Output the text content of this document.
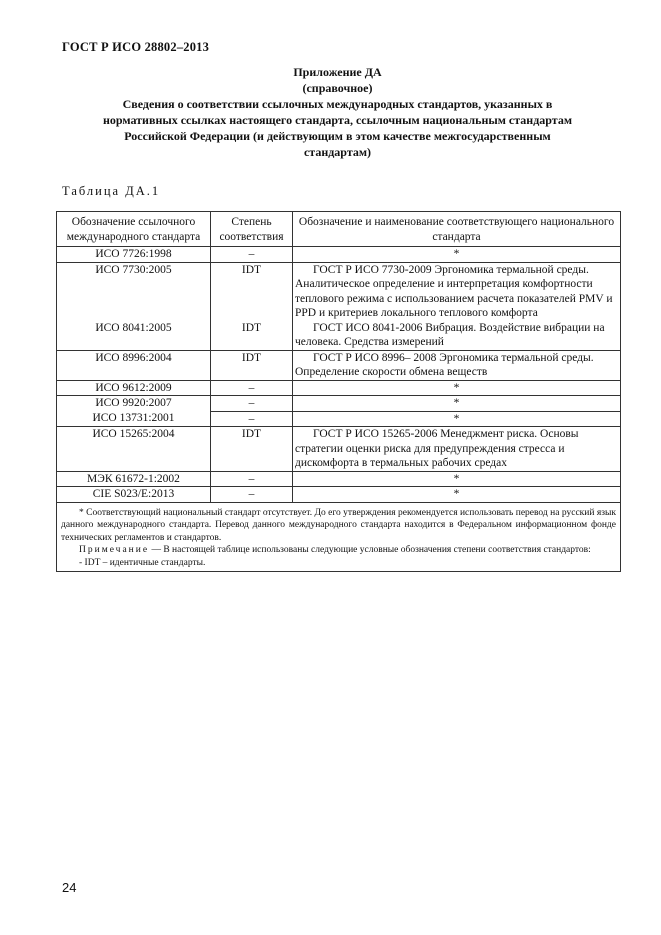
ГОСТ Р ИСО 28802–2013
Приложение ДА
(справочное)
Сведения о соответствии ссылочных международных стандартов, указанных в
нормативных ссылках настоящего стандарта, ссылочным национальным стандартам
Российской Федерации (и действующим в этом качестве межгосударственным
стандартам)
Таблица ДА.1
Обозначение ссылочного международного стандарта	Степень соответствия	Обозначение и наименование соответствующего национального стандарта
ИСО 7726:1998	–	*
ИСО 7730:2005	IDT	ГОСТ Р ИСО 7730-2009 Эргономика термальной среды. Аналитическое определение и интерпретация комфортности теплового режима с использованием расчета показателей PMV и PPD и критериев локального теплового комфорта
ИСО 8041:2005	IDT	ГОСТ ИСО 8041-2006 Вибрация. Воздействие вибрации на человека. Средства измерений
ИСО 8996:2004	IDT	ГОСТ Р ИСО 8996– 2008 Эргономика термальной среды. Определение скорости обмена веществ
ИСО 9612:2009	–	*
ИСО 9920:2007	–	*
ИСО 13731:2001	–	*
ИСО 15265:2004	IDT	ГОСТ Р ИСО 15265-2006 Менеджмент риска. Основы стратегии оценки риска для предупреждения стресса и дискомфорта в термальных рабочих средах
МЭК 61672-1:2002	–	*
CIE S023/E:2013	–	*

* Соответствующий национальный стандарт отсутствует. До его утверждения рекомендуется использовать перевод на русский язык данного международного стандарта. Перевод данного международного стандарта находится в Федеральном информационном фонде технических регламентов и стандартов.

Примечание — В настоящей таблице использованы следующие условные обозначения степени соответствия стандартов:

- IDT – идентичные стандарты.		

24
